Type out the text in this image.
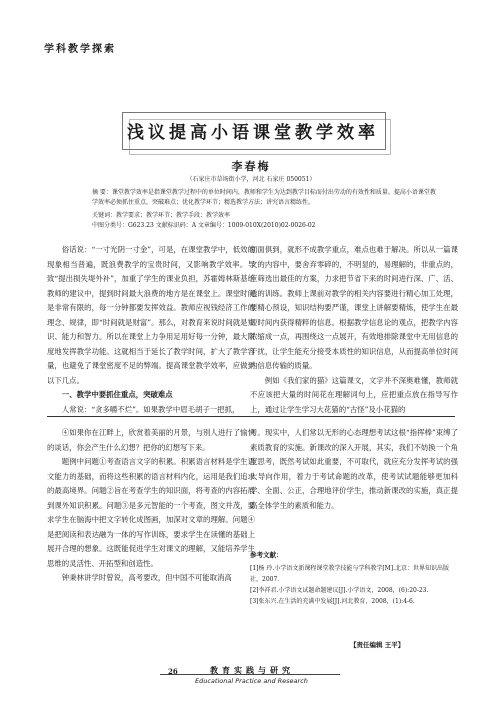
学科教学探索
浅议提高小语课堂教学效率
李春梅
（石家庄市草场街小学，河北 石家庄 050051）
摘 要：课堂教学效率是指课堂教学过程中的单位时间内，教师和学生为达到教学目标而付出劳动的有效性和质量。提高小语课堂教学效率必须抓住重点，突破难点；优化教学环节；精选教学方法；讲究语言精练性。
关键词：教学要求；教学环节；教学手段；教学效率
中图分类号：G623.23 文献标识码：A 文章编号：1009-010X(2010)02-0026-02

俗话说：“一寸光阴一寸金”，可是，在课堂教学中，低效的现象相当普遍，既浪费教学的宝贵时间，又影响教学效率。导致“提出损失堤外补”，加重了学生的课业负担，苏霍姆林斯基给教师的建议中，提到时间最大浪费的地方是在课堂上。课堂时间是非常有限的，每一分钟都要发挥效益。教师应视钱经济工作的理念、规律，即“时间就是财富”。那么，对教育来说时间就是知识、能力和智力。所以在课堂上力争用足用好每一分钟，最大限度地发挥教学功能。这就相当于延长了教学时间，扩大了教学容量，也避免了课堂密度不足的弊端。提高课堂教学效率，应做到以下几点。

一、教学中要抓住重点，突破难点

人常说：“贪多嚼不烂”。如果教学中眉毛胡子一把抓，

面面俱到，就形不成教学重点，难点也难于解决。所以从一篇课文的内容中，要舍弃零碎的，不明显的，易理解的，非重点的，应筛选出最佳的方案，力求把节省下来的时间进行深、广、活、透的训练。教师上课前对教学的相关内容要进行精心加工处理，要精心预设，知识结构要严谨，课堂上讲解要精炼，使学生在最短时间内获得精粹的信息。根据教学信息论的观点，把教学内容浓缩成一点，再围绕这一点展开，有效地排除课堂中无用信息的干扰，让学生能充分接受本质性的知识信息，从而提高单位时间内信息传输的质量。

例如《我们家的猫》这篇课文，文字并不深奥难懂，教师就不应该把大量的时间花在理解词句上，应把重点放在指导写作上，通过让学生学习大花猫的“古怪”及小花猫的

④如果你在江畔上，欣赏着美丽的月景，与别人进行了愉快的谈话，你会产生什么幻想？把你的幻想写下来。

题例中问题①考查语言文字的积累。积累语言材料是学生语文能力的基础，而将这些积累的语言材料内化，运用是我们追求的最高境界。问题②旨在考查学生的知识面，将考查的内容拓展到课外知识积累。问题③是多元智能的一个考查，图文并茂，要求学生在脑海中把文字转化成图画，加深对文章的理解。问题④是把阅读和表达融为一体的写作训练，要求学生在读懂的基础上展开合理的想象。这既能促进学生对课文的理解，又能培养学生思维的灵活性、开拓型和创造性。

钟秉林讲学时曾说，高考要改，但中国不可能取消高

考。现实中，人们常以无形的心态理想考试这根“指挥棒”束缚了素质教育的实施。新课改的深入开展，其实，我们不妨换一个角度思考，既然考试如此重要，不可取代，就应充分发挥考试的强大导向作用，着力于考试命题的改革，使考试试题能够更加科学、全面、公正，合理地评价学生，推动新课改的实施，真正提高全体学生的素质和能力。

参考文献：
[1]杨 玲.小学语文新课程课堂教学技能与学科教学[M].北京：世界知识出版社，2007.
[2]李祥君.小学语文试题命题建议[J].小学语文，2008，(6):20-23.
[3]张东兴.在生活的充满中发展[J].河北教育，2008，(1):4-6.
【责任编辑 王平】
26	教育实践与研究
Educational Practice and Research
